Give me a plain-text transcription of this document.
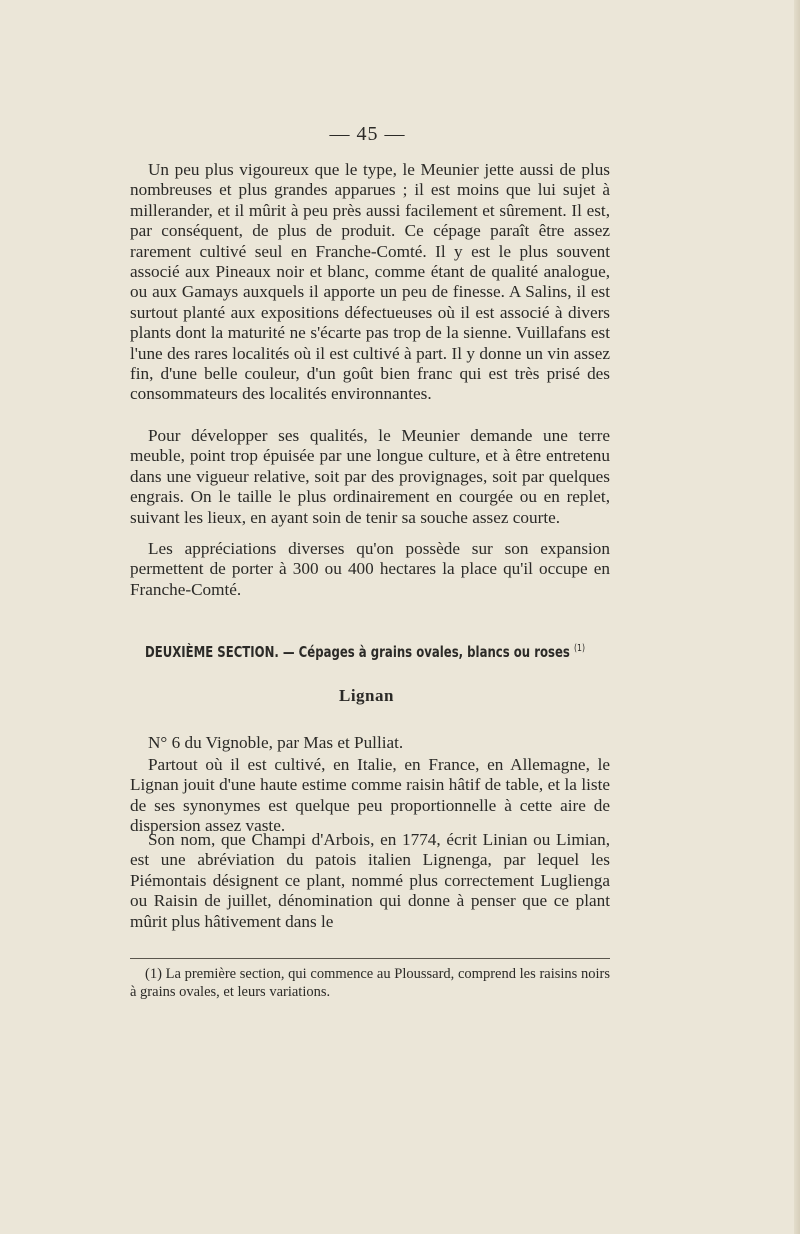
— 45 —

Un peu plus vigoureux que le type, le Meunier jette aussi de plus nombreuses et plus grandes apparues ; il est moins que lui sujet à millerander, et il mûrit à peu près aussi facilement et sûrement. Il est, par conséquent, de plus de produit. Ce cépage paraît être assez rarement cultivé seul en Franche-Comté. Il y est le plus souvent associé aux Pineaux noir et blanc, comme étant de qualité analogue, ou aux Gamays auxquels il apporte un peu de finesse. A Salins, il est surtout planté aux expositions défectueuses où il est associé à divers plants dont la maturité ne s'écarte pas trop de la sienne. Vuillafans est l'une des rares localités où il est cultivé à part. Il y donne un vin assez fin, d'une belle couleur, d'un goût bien franc qui est très prisé des consommateurs des localités environnantes.

Pour développer ses qualités, le Meunier demande une terre meuble, point trop épuisée par une longue culture, et à être entretenu dans une vigueur relative, soit par des provignages, soit par quelques engrais. On le taille le plus ordinairement en courgée ou en replet, suivant les lieux, en ayant soin de tenir sa souche assez courte.

Les appréciations diverses qu'on possède sur son expansion permettent de porter à 300 ou 400 hectares la place qu'il occupe en Franche-Comté.

DEUXIÈME SECTION. — Cépages à grains ovales, blancs ou roses $^{(1)}$
Lignan

N° 6 du Vignoble, par Mas et Pulliat.

Partout où il est cultivé, en Italie, en France, en Allemagne, le Lignan jouit d'une haute estime comme raisin hâtif de table, et la liste de ses synonymes est quelque peu proportionnelle à cette aire de dispersion assez vaste.

Son nom, que Champi d'Arbois, en 1774, écrit Linian ou Limian, est une abréviation du patois italien Lignenga, par lequel les Piémontais désignent ce plant, nommé plus correctement Luglienga ou Raisin de juillet, dénomination qui donne à penser que ce plant mûrit plus hâtivement dans le

(1) La première section, qui commence au Ploussard, comprend les raisins noirs à grains ovales, et leurs variations.
